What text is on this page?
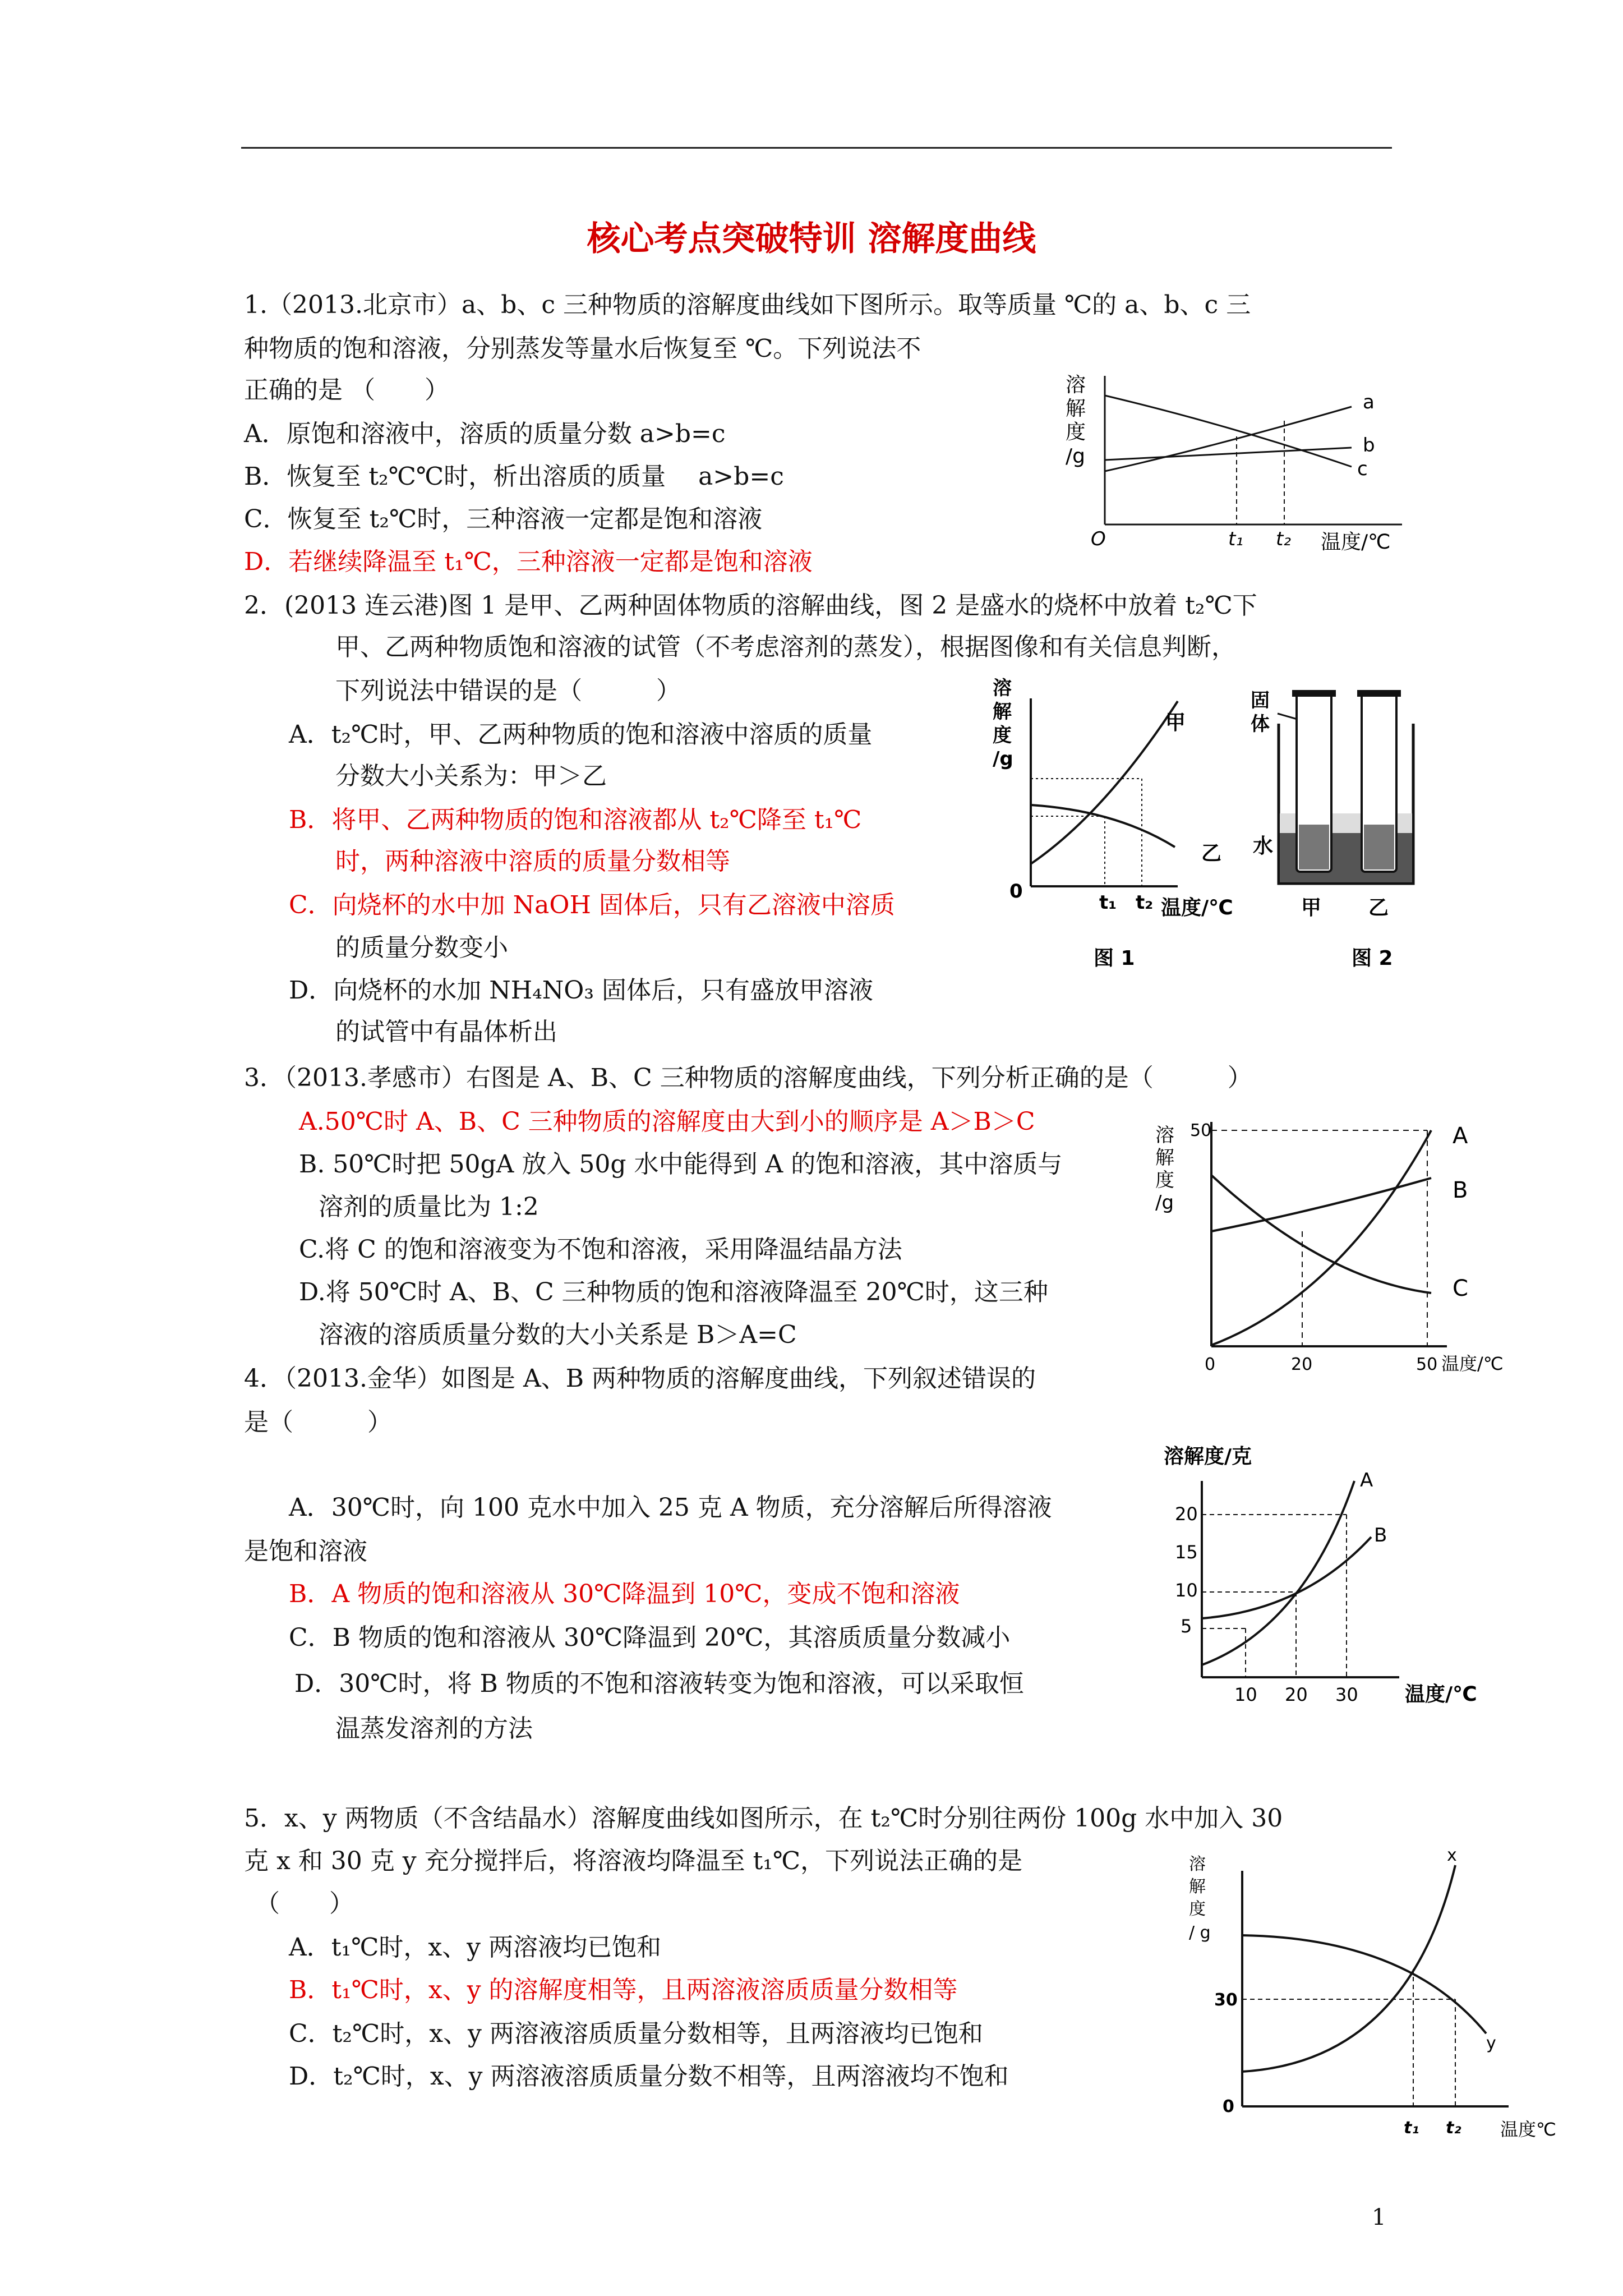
核心考点突破特训 溶解度曲线
1.（2013.北京市）a、b、c 三种物质的溶解度曲线如下图所示。取等质量 ℃的 a、b、c 三
种物质的饱和溶液，分别蒸发等量水后恢复至 ℃。下列说法不
正确的是 （　　）
A．原饱和溶液中，溶质的质量分数 a>b=c
B．恢复至 t₂℃℃时，析出溶质的质量　 a>b=c
C．恢复至 t₂℃时，三种溶液一定都是饱和溶液
D．若继续降温至 t₁℃，三种溶液一定都是饱和溶液
溶
解
度
/g
a
b
c
O	t₁ t₂ 温度/℃
2．(2013 连云港)图 1 是甲、乙两种固体物质的溶解曲线，图 2 是盛水的烧杯中放着 t₂℃下
甲、乙两种物质饱和溶液的试管（不考虑溶剂的蒸发），根据图像和有关信息判断，
下列说法中错误的是（　　　）
A．t₂℃时，甲、乙两种物质的饱和溶液中溶质的质量
分数大小关系为：甲＞乙
B．将甲、乙两种物质的饱和溶液都从 t₂℃降至 t₁℃
时，两种溶液中溶质的质量分数相等
C．向烧杯的水中加 NaOH 固体后，只有乙溶液中溶质
的质量分数变小
D．向烧杯的水加 NH₄NO₃ 固体后，只有盛放甲溶液
的试管中有晶体析出
溶
解
度
/g
甲
乙
0	t₁ t₂ 温度/℃
图 1
固
体
水
甲 乙
图 2
3．（2013.孝感市）右图是 A、B、C 三种物质的溶解度曲线，下列分析正确的是（　　　）
A.50℃时 A、B、C 三种物质的溶解度由大到小的顺序是 A＞B＞C
B. 50℃时把 50gA 放入 50g 水中能得到 A 的饱和溶液，其中溶质与
溶剂的质量比为 1:2
C.将 C 的饱和溶液变为不饱和溶液，采用降温结晶方法
D.将 50℃时 A、B、C 三种物质的饱和溶液降温至 20℃时，这三种
溶液的溶质质量分数的大小关系是 B＞A=C
溶
解
度
/g
50	A
B
C
0	20	50 温度/℃
4．（2013.金华）如图是 A、B 两种物质的溶解度曲线，下列叙述错误的
是（　　　）
A．30℃时，向 100 克水中加入 25 克 A 物质，充分溶解后所得溶液
是饱和溶液
B．A 物质的饱和溶液从 30℃降温到 10℃，变成不饱和溶液
C．B 物质的饱和溶液从 30℃降温到 20℃，其溶质质量分数减小
D．30℃时，将 B 物质的不饱和溶液转变为饱和溶液，可以采取恒
温蒸发溶剂的方法
溶解度/克
20
15
10
5
A
B
10 20 30 温度/℃
5．x、y 两物质（不含结晶水）溶解度曲线如图所示，在 t₂℃时分别往两份 100g 水中加入 30
克 x 和 30 克 y 充分搅拌后，将溶液均降温至 t₁℃，下列说法正确的是
（　　）
A．t₁℃时，x、y 两溶液均已饱和
B．t₁℃时，x、y 的溶解度相等，且两溶液溶质质量分数相等
C．t₂℃时，x、y 两溶液溶质质量分数相等，且两溶液均已饱和
D．t₂℃时，x、y 两溶液溶质质量分数不相等，且两溶液均不饱和
溶
解
度
/ g
30
0
x
y
t₁ t₂ 温度℃
1
